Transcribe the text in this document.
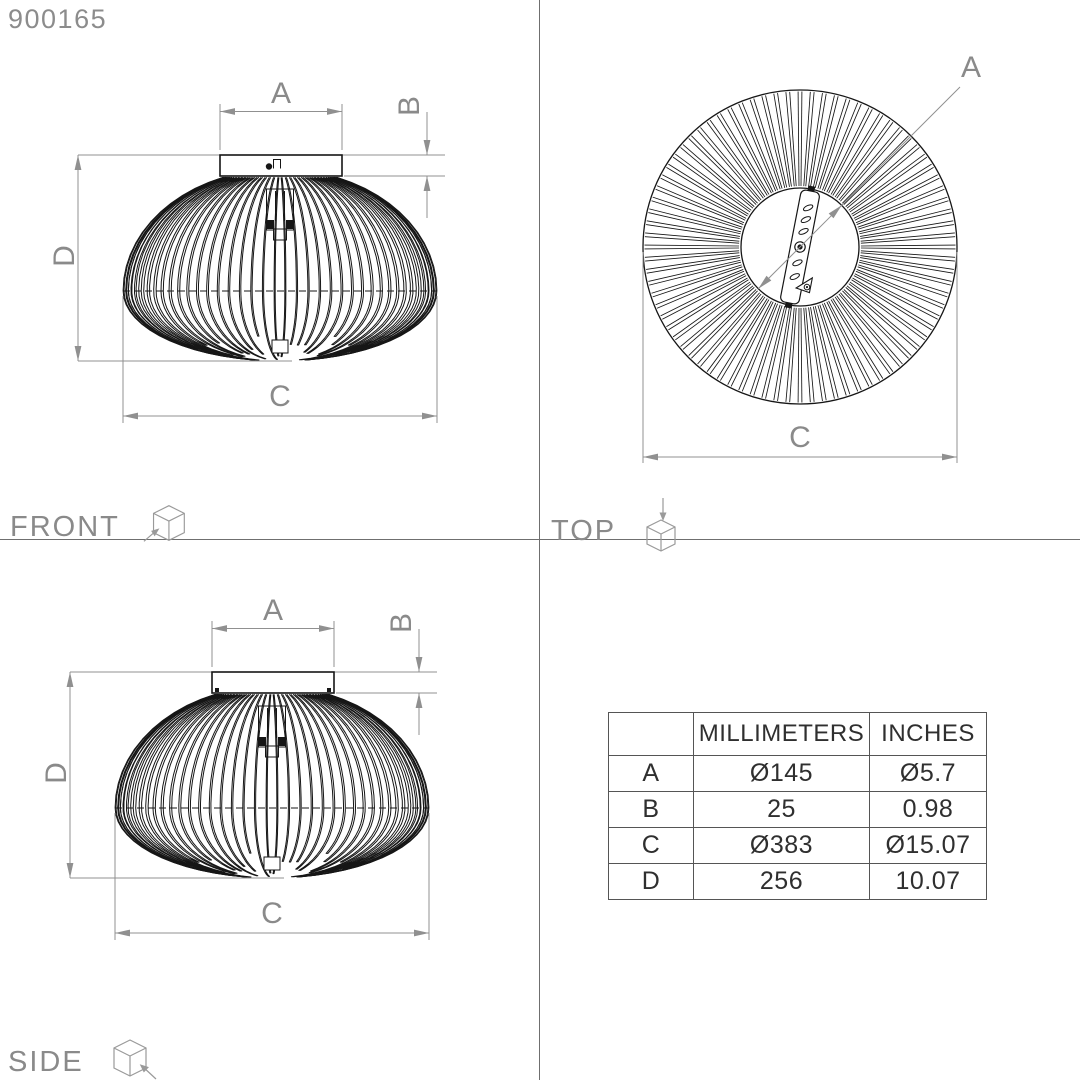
900165
A	B
D
C
A
C
A	B
D
C
FRONT	TOP
SIDE
	MILLIMETERS	INCHES
A	Ø145	Ø5.7
B	25	0.98
C	Ø383	Ø15.07
D	256	10.07
